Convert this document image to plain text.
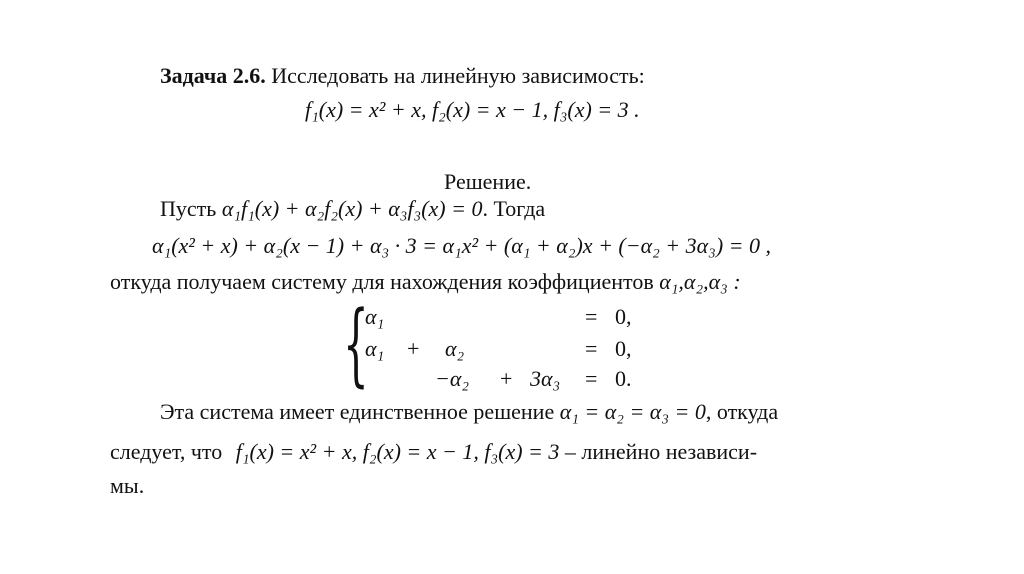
Задача 2.6. Исследовать на линейную зависимость:
f₁(x) = x² + x, f₂(x) = x − 1, f₃(x) = 3 .
Решение.
Пусть α₁f₁(x) + α₂f₂(x) + α₃f₃(x) = 0. Тогда
α₁(x² + x) + α₂(x − 1) + α₃ · 3 = α₁x² + (α₁ + α₂)x + (−α₂ + 3α₃) = 0 ,
откуда получаем систему для нахождения коэффициентов α₁,α₂,α₃ :
{
α₁	= 0,
α₁ + α₂	= 0,
−α₂ + 3α₃ = 0.
Эта система имеет единственное решение α₁ = α₂ = α₃ = 0, откуда
следует, что f₁(x) = x² + x, f₂(x) = x − 1, f₃(x) = 3 – линейно независи-
мы.
